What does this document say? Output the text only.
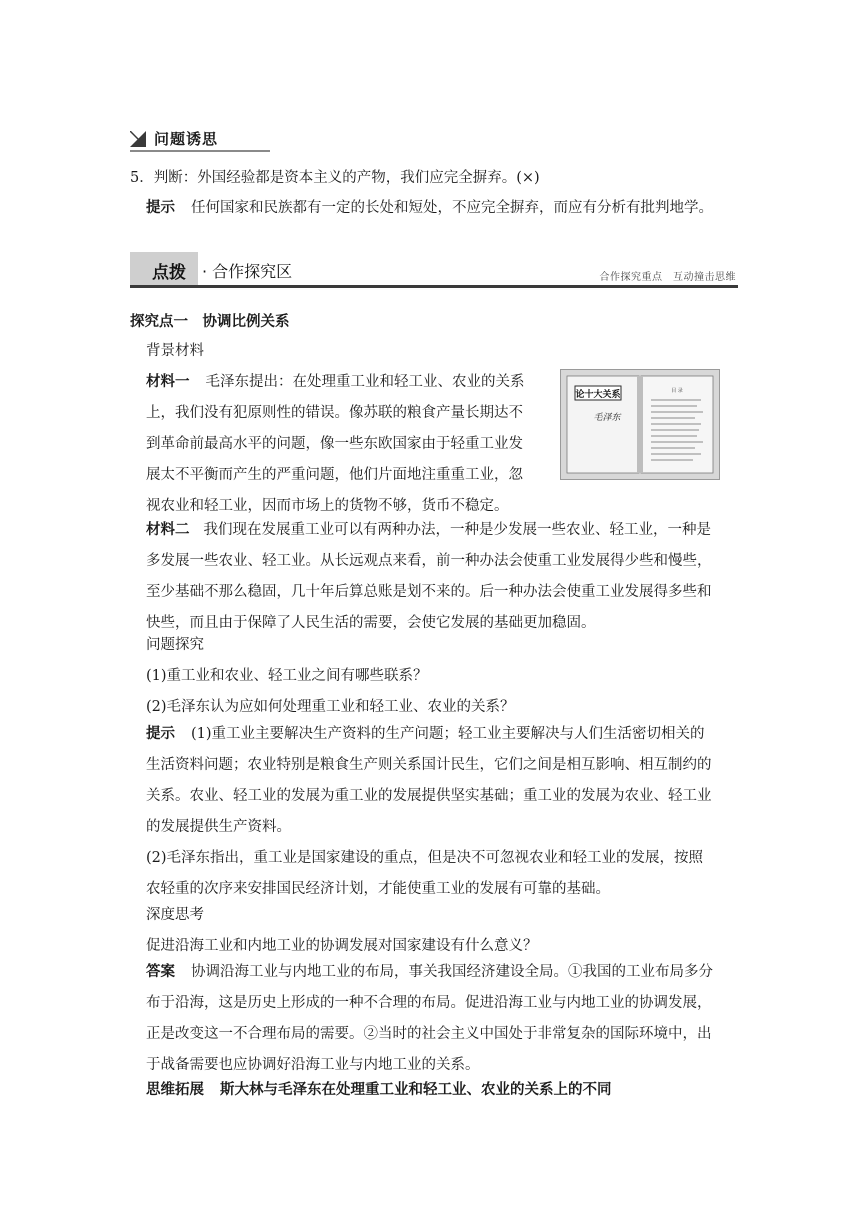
问题诱思
5．判断：外国经验都是资本主义的产物，我们应完全摒弃。(×)
提示 任何国家和民族都有一定的长处和短处，不应完全摒弃，而应有分析有批判地学。
点拨 · 合作探究区	合作探究重点　互动撞击思维
探究点一　协调比例关系
背景材料
材料一 毛泽东提出：在处理重工业和轻工业、农业的关系
上，我们没有犯原则性的错误。像苏联的粮食产量长期达不
到革命前最高水平的问题，像一些东欧国家由于轻重工业发
展太不平衡而产生的严重问题，他们片面地注重重工业，忽
视农业和轻工业，因而市场上的货物不够，货币不稳定。
论十大关系
毛泽东
目 录
材料二 我们现在发展重工业可以有两种办法，一种是少发展一些农业、轻工业，一种是
多发展一些农业、轻工业。从长远观点来看，前一种办法会使重工业发展得少些和慢些，
至少基础不那么稳固，几十年后算总账是划不来的。后一种办法会使重工业发展得多些和
快些，而且由于保障了人民生活的需要，会使它发展的基础更加稳固。
问题探究
(1)重工业和农业、轻工业之间有哪些联系？
(2)毛泽东认为应如何处理重工业和轻工业、农业的关系？
提示 (1)重工业主要解决生产资料的生产问题；轻工业主要解决与人们生活密切相关的
生活资料问题；农业特别是粮食生产则关系国计民生，它们之间是相互影响、相互制约的
关系。农业、轻工业的发展为重工业的发展提供坚实基础；重工业的发展为农业、轻工业
的发展提供生产资料。
(2)毛泽东指出，重工业是国家建设的重点，但是决不可忽视农业和轻工业的发展，按照
农轻重的次序来安排国民经济计划，才能使重工业的发展有可靠的基础。
深度思考
促进沿海工业和内地工业的协调发展对国家建设有什么意义？
答案 协调沿海工业与内地工业的布局，事关我国经济建设全局。①我国的工业布局多分
布于沿海，这是历史上形成的一种不合理的布局。促进沿海工业与内地工业的协调发展，
正是改变这一不合理布局的需要。②当时的社会主义中国处于非常复杂的国际环境中，出
于战备需要也应协调好沿海工业与内地工业的关系。
思维拓展 斯大林与毛泽东在处理重工业和轻工业、农业的关系上的不同
